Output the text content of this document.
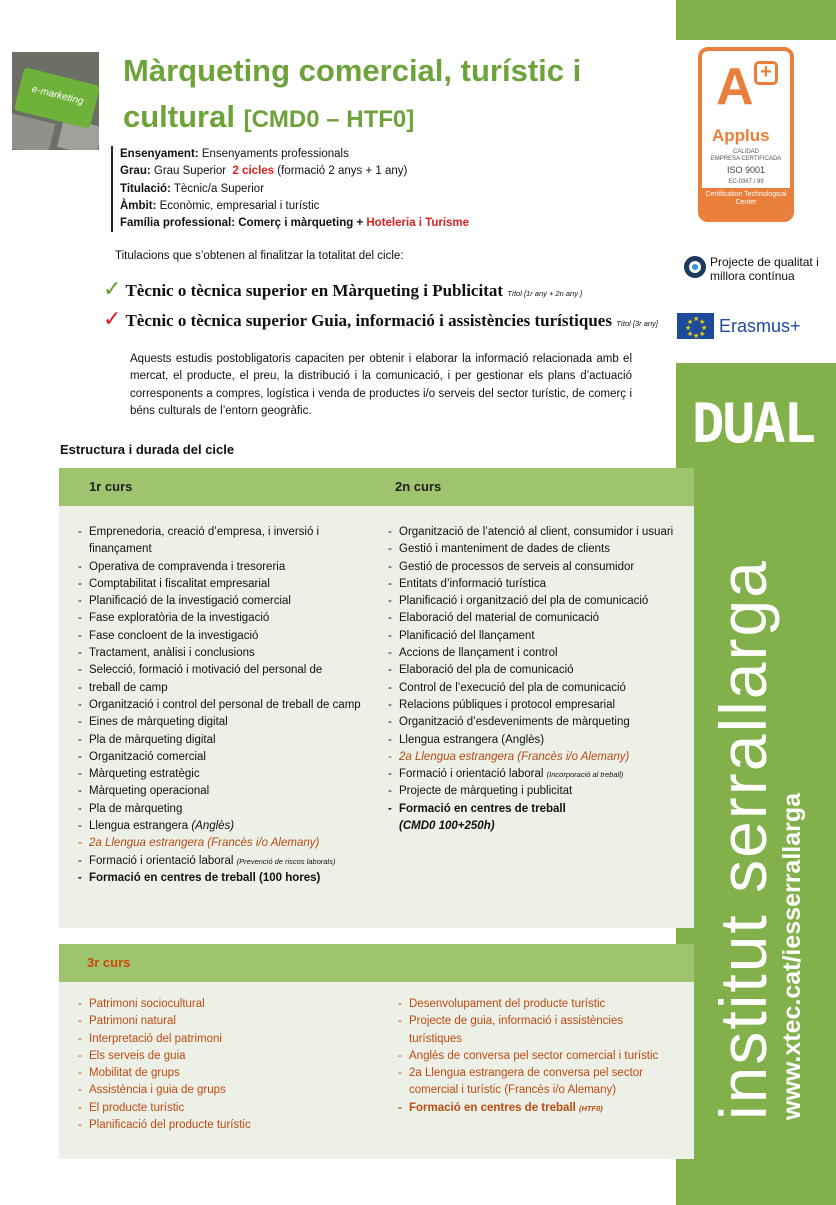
A +
Applus
CALIDAD
EMPRESA CERTIFICADA
ISO 9001
EC-0367 / 99
Certification Technological Center
Projecte de qualitat i millora contínua
★ ★
★
★
★
★
★
★ Erasmus+
DUAL
institut serrallarga
www.xtec.cat/iesserrallarga
e-marketing
Màrqueting comercial, turístic i
cultural [CMD0 – HTF0]
Ensenyament: Ensenyaments professionals
Grau: Grau Superior 2 cicles (formació 2 anys + 1 any)
Titulació: Tècnic/a Superior
Àmbit: Econòmic, empresarial i turístic
Família professional: Comerç i màrqueting + Hoteleria i Turisme
Titulacions que s’obtenen al finalitzar la totalitat del cicle:
✓ Tècnic o tècnica superior en Màrqueting i Publicitat Títol [1r any + 2n any ]
✓ Tècnic o tècnica superior Guia, informació i assistències turístiques Títol [3r any]
Aquests estudis postobligatoris capaciten per obtenir i elaborar la informació relacionada amb el mercat, el producte, el preu, la distribució i la comunicació, i per gestionar els plans d’actuació corresponents a compres, logística i venda de productes i/o serveis del sector turístic, de comerç i béns culturals de l’entorn geogràfic.
Estructura i durada del cicle
1r curs	2n curs
- Emprenedoria, creació d’empresa, i inversió i finançament
- Operativa de compravenda i tresoreria
- Comptabilitat i fiscalitat empresarial
- Planificació de la investigació comercial
- Fase exploratòria de la investigació
- Fase concloent de la investigació
- Tractament, anàlisi i conclusions
- Selecció, formació i motivació del personal de
- treball de camp
- Organització i control del personal de treball de camp
- Eines de màrqueting digital
- Pla de màrqueting digital
- Organització comercial
- Màrqueting estratègic
- Màrqueting operacional
- Pla de màrqueting
- Llengua estrangera (Anglès)
- 2a Llengua estrangera (Francès i/o Alemany)
- Formació i orientació laboral (Prevenció de riscos laborals)
- Formació en centres de treball (100 hores)
- Organització de l’atenció al client, consumidor i usuari
- Gestió i manteniment de dades de clients
- Gestió de processos de serveis al consumidor
- Entitats d’informació turística
- Planificació i organització del pla de comunicació
- Elaboració del material de comunicació
- Planificació del llançament
- Accions de llançament i control
- Elaboració del pla de comunicació
- Control de l’execució del pla de comunicació
- Relacions públiques i protocol empresarial
- Organització d’esdeveniments de màrqueting
- Llengua estrangera (Anglès)
- 2a Llengua estrangera (Francès i/o Alemany)
- Formació i orientació laboral (Incorporació al treball)
- Projecte de màrqueting i publicitat
- Formació en centres de treball
(CMD0 100+250h)
3r curs
- Patrimoni sociocultural
- Patrimoni natural
- Interpretació del patrimoni
- Els serveis de guia
- Mobilitat de grups
- Assistència i guia de grups
- El producte turístic
- Planificació del producte turístic
- Desenvolupament del producte turístic
- Projecte de guia, informació i assistències turístiques
- Anglès de conversa pel sector comercial i turístic
- 2a Llengua estrangera de conversa pel sector comercial i turístic (Francès i/o Alemany)
- Formació en centres de treball (HTF0)
